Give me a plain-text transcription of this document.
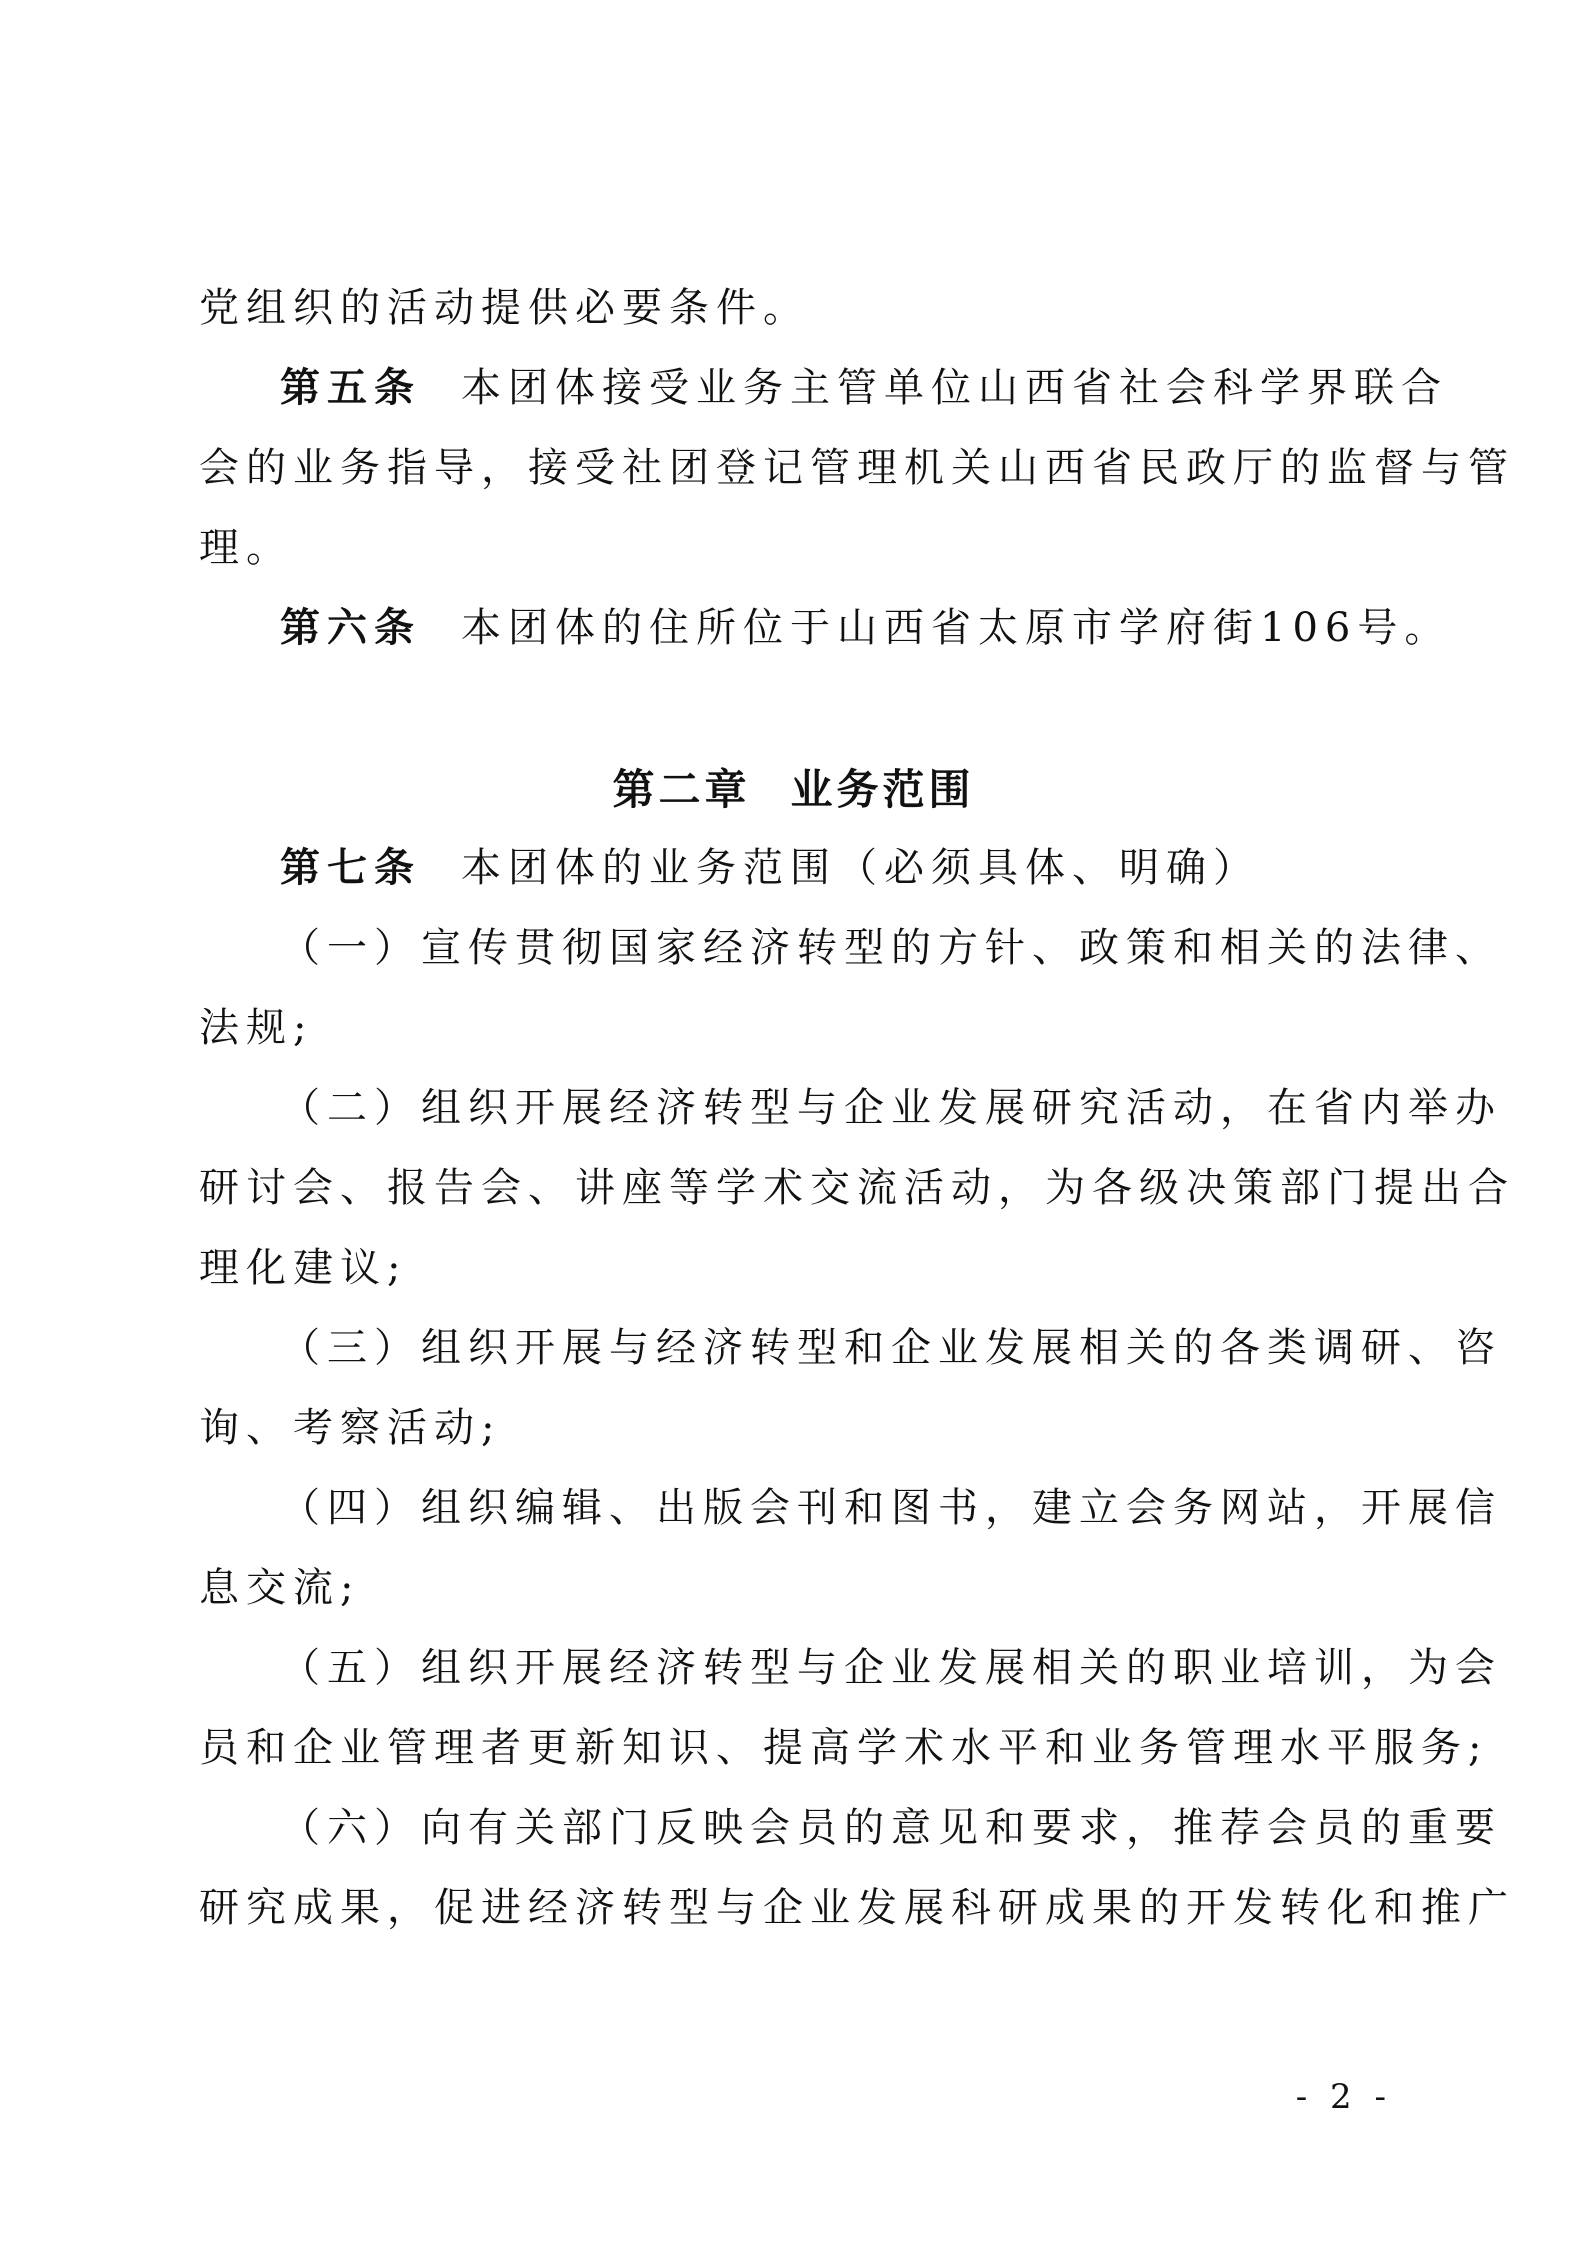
党组织的活动提供必要条件。
第五条 本团体接受业务主管单位山西省社会科学界联合
会的业务指导，接受社团登记管理机关山西省民政厅的监督与管
理。
第六条 本团体的住所位于山西省太原市学府街106号。
第二章 业务范围
第七条 本团体的业务范围（必须具体、明确）
（一）宣传贯彻国家经济转型的方针、政策和相关的法律、
法规;
（二）组织开展经济转型与企业发展研究活动，在省内举办
研讨会、报告会、讲座等学术交流活动，为各级决策部门提出合
理化建议;
（三）组织开展与经济转型和企业发展相关的各类调研、咨
询、考察活动;
（四）组织编辑、出版会刊和图书，建立会务网站，开展信
息交流;
（五）组织开展经济转型与企业发展相关的职业培训，为会
员和企业管理者更新知识、提高学术水平和业务管理水平服务;
（六）向有关部门反映会员的意见和要求，推荐会员的重要
研究成果，促进经济转型与企业发展科研成果的开发转化和推广
- 2 -
